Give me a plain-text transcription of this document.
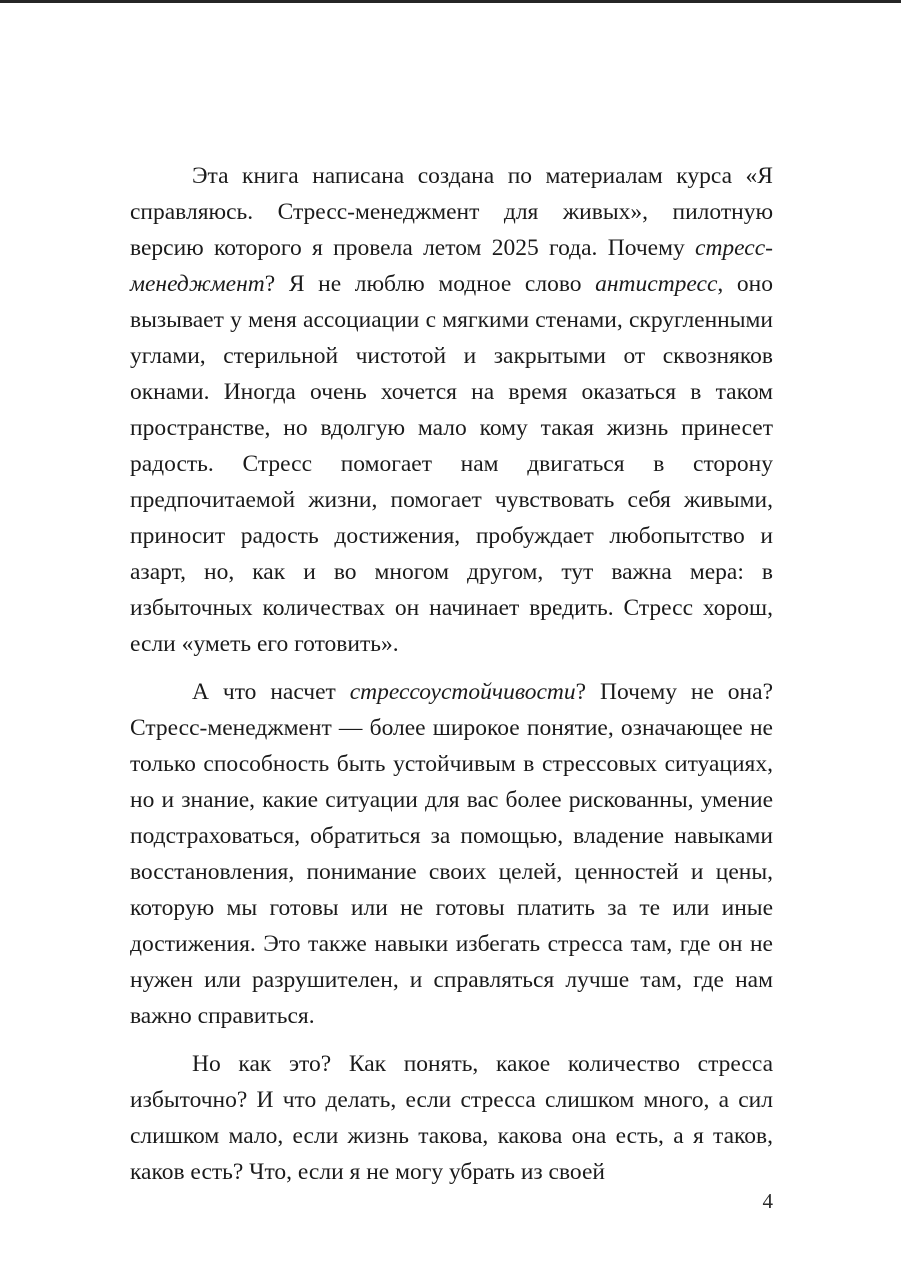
Эта книга написана создана по материалам курса «Я справляюсь. Стресс-менеджмент для живых», пилотную версию которого я провела летом 2025 года. Почему стресс-менеджмент? Я не люблю модное слово антистресс, оно вызывает у меня ассоциации с мягкими стенами, скругленными углами, стерильной чистотой и закрытыми от сквозняков окнами. Иногда очень хочется на время оказаться в таком пространстве, но вдолгую мало кому такая жизнь принесет радость. Стресс помогает нам двигаться в сторону предпочитаемой жизни, помогает чувствовать себя живыми, приносит радость достижения, пробуждает любопытство и азарт, но, как и во многом другом, тут важна мера: в избыточных количествах он начинает вредить. Стресс хорош, если «уметь его готовить».

А что насчет стрессоустойчивости? Почему не она? Стресс-менеджмент — более широкое понятие, означающее не только способность быть устойчивым в стрессовых ситуациях, но и знание, какие ситуации для вас более рискованны, умение подстраховаться, обратиться за помощью, владение навыками восстановления, понимание своих целей, ценностей и цены, которую мы готовы или не готовы платить за те или иные достижения. Это также навыки избегать стресса там, где он не нужен или разрушителен, и справляться лучше там, где нам важно справиться.

Но как это? Как понять, какое количество стресса избыточно? И что делать, если стресса слишком много, а сил слишком мало, если жизнь такова, какова она есть, а я таков, каков есть? Что, если я не могу убрать из своей

4
